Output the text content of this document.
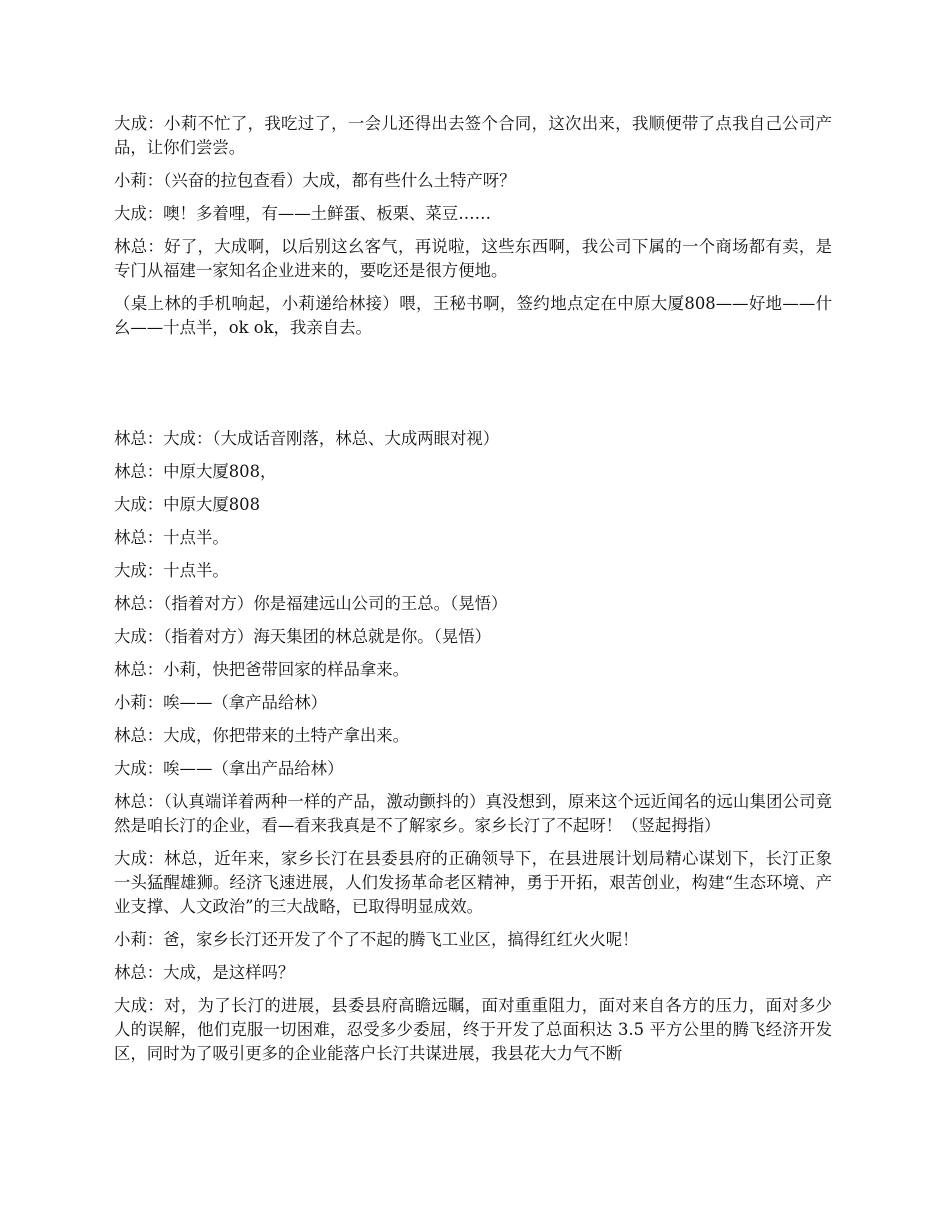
大成：小莉不忙了，我吃过了，一会儿还得出去签个合同，这次出来，我顺便带了点我自己公司产品，让你们尝尝。

小莉：（兴奋的拉包查看）大成，都有些什么土特产呀？

大成：噢！多着哩，有——土鲜蛋、板栗、菜豆……

林总：好了，大成啊，以后别这幺客气，再说啦，这些东西啊，我公司下属的一个商场都有卖，是专门从福建一家知名企业进来的，要吃还是很方便地。

（桌上林的手机响起，小莉递给林接）喂，王秘书啊，签约地点定在中原大厦808——好地——什幺——十点半，ok ok，我亲自去。

林总：大成：（大成话音刚落，林总、大成两眼对视）

林总：中原大厦808，

大成：中原大厦808

林总：十点半。

大成：十点半。

林总：（指着对方）你是福建远山公司的王总。（晃悟）

大成：（指着对方）海天集团的林总就是你。（晃悟）

林总：小莉，快把爸带回家的样品拿来。

小莉：唉——（拿产品给林）

林总：大成，你把带来的土特产拿出来。

大成：唉——（拿出产品给林）

林总：（认真端详着两种一样的产品，激动颤抖的）真没想到，原来这个远近闻名的远山集团公司竟然是咱长汀的企业，看—看来我真是不了解家乡。家乡长汀了不起呀！（竖起拇指）

大成：林总，近年来，家乡长汀在县委县府的正确领导下，在县进展计划局精心谋划下，长汀正象一头猛醒雄狮。经济飞速进展，人们发扬革命老区精神，勇于开拓，艰苦创业，构建“生态环境、产业支撑、人文政治”的三大战略，已取得明显成效。

小莉：爸，家乡长汀还开发了个了不起的腾飞工业区，搞得红红火火呢！

林总：大成，是这样吗？

大成：对，为了长汀的进展，县委县府高瞻远瞩，面对重重阻力，面对来自各方的压力，面对多少人的误解，他们克服一切困难，忍受多少委屈，终于开发了总面积达 3.5 平方公里的腾飞经济开发区，同时为了吸引更多的企业能落户长汀共谋进展，我县花大力气不断
